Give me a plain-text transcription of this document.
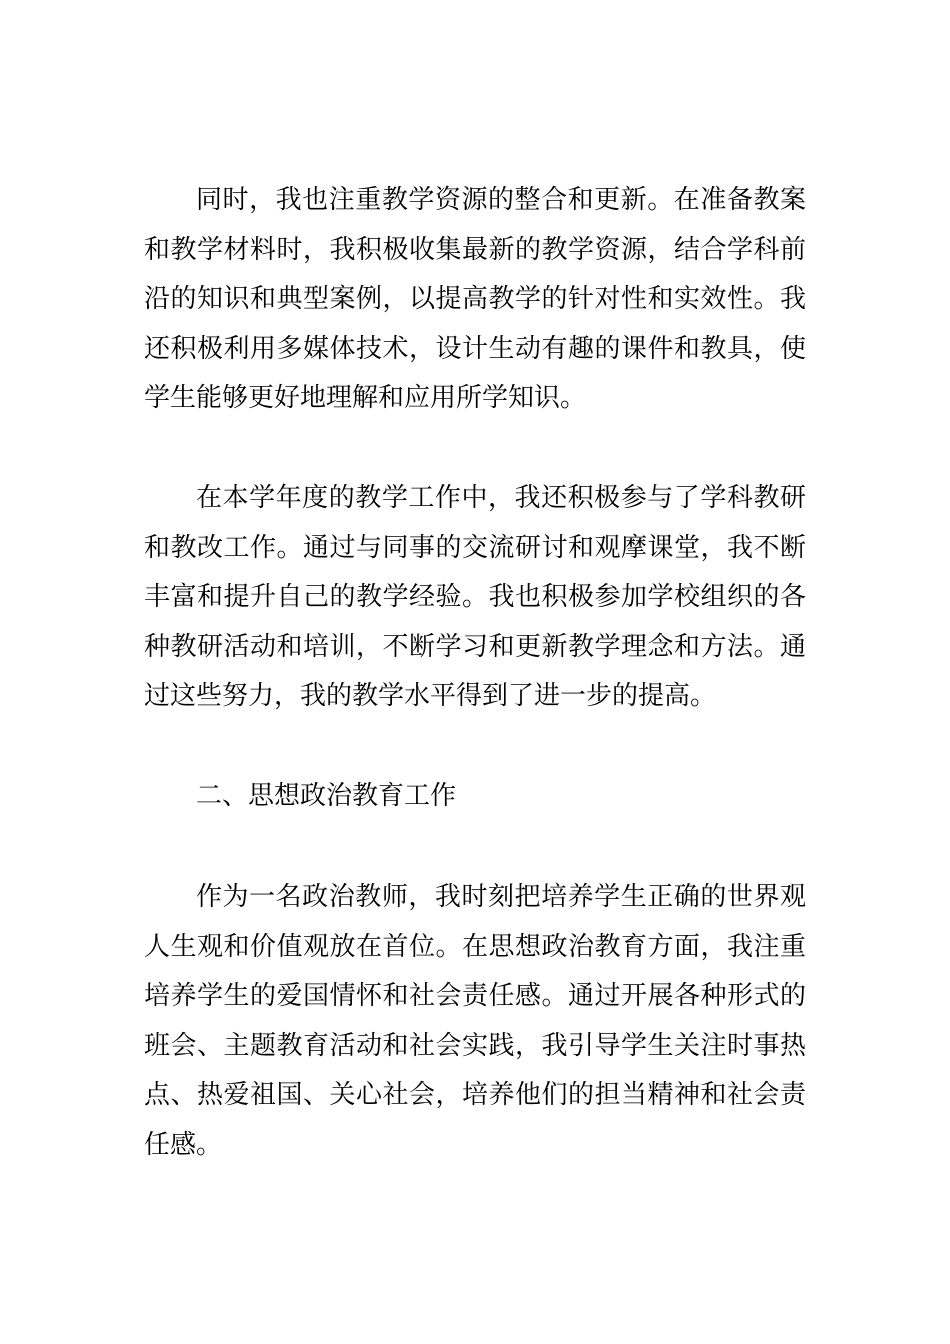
同时，我也注重教学资源的整合和更新。在准备教案
和教学材料时，我积极收集最新的教学资源，结合学科前
沿的知识和典型案例，以提高教学的针对性和实效性。我
还积极利用多媒体技术，设计生动有趣的课件和教具，使
学生能够更好地理解和应用所学知识。
在本学年度的教学工作中，我还积极参与了学科教研
和教改工作。通过与同事的交流研讨和观摩课堂，我不断
丰富和提升自己的教学经验。我也积极参加学校组织的各
种教研活动和培训，不断学习和更新教学理念和方法。通
过这些努力，我的教学水平得到了进一步的提高。
二、思想政治教育工作
作为一名政治教师，我时刻把培养学生正确的世界观
人生观和价值观放在首位。在思想政治教育方面，我注重
培养学生的爱国情怀和社会责任感。通过开展各种形式的
班会、主题教育活动和社会实践，我引导学生关注时事热
点、热爱祖国、关心社会，培养他们的担当精神和社会责
任感。
